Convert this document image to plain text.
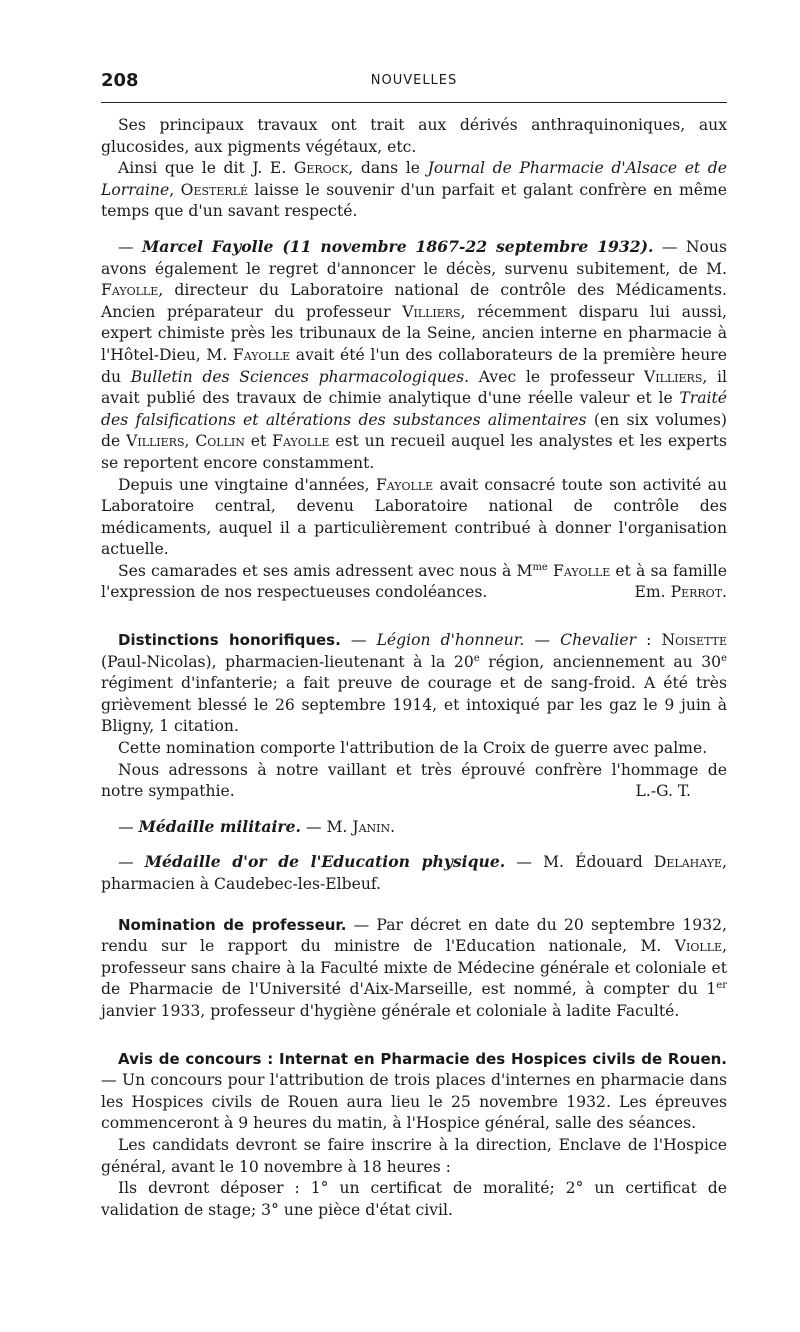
208	NOUVELLES

Ses principaux travaux ont trait aux dérivés anthraquinoniques, aux glucosides, aux pigments végétaux, etc.

Ainsi que le dit J. E. Gerock, dans le Journal de Pharmacie d'Alsace et de Lorraine, Oesterlé laisse le souvenir d'un parfait et galant confrère en même temps que d'un savant respecté.

— Marcel Fayolle (11 novembre 1867-22 septembre 1932). — Nous avons également le regret d'annoncer le décès, survenu subitement, de M. Fayolle, directeur du Laboratoire national de contrôle des Médicaments. Ancien préparateur du professeur Villiers, récemment disparu lui aussi, expert chimiste près les tribunaux de la Seine, ancien interne en pharmacie à l'Hôtel-Dieu, M. Fayolle avait été l'un des collaborateurs de la première heure du Bulletin des Sciences pharmacologiques. Avec le professeur Villiers, il avait publié des travaux de chimie analytique d'une réelle valeur et le Traité des falsifications et altérations des substances alimentaires (en six volumes) de Villiers, Collin et Fayolle est un recueil auquel les analystes et les experts se reportent encore constamment.

Depuis une vingtaine d'années, Fayolle avait consacré toute son activité au Laboratoire central, devenu Laboratoire national de contrôle des médicaments, auquel il a particulièrement contribué à donner l'organisation actuelle.

Ses camarades et ses amis adressent avec nous à $M^{me}$ Fayolle et à sa famille l'expression de nos respectueuses condoléances.	Em. Perrot.

Distinctions honorifiques. — Légion d'honneur. — Chevalier : Noisette (Paul-Nicolas), pharmacien-lieutenant à la 20e région, anciennement au 30e régiment d'infanterie; a fait preuve de courage et de sang-froid. A été très grièvement blessé le 26 septembre 1914, et intoxiqué par les gaz le 9 juin à Bligny, 1 citation.

Cette nomination comporte l'attribution de la Croix de guerre avec palme.

Nous adressons à notre vaillant et très éprouvé confrère l'hommage de notre sympathie.	L.-G. T.

— Médaille militaire. — M. Janin.

— Médaille d'or de l'Education physique. — M. Édouard Delahaye, pharmacien à Caudebec-les-Elbeuf.

Nomination de professeur. — Par décret en date du 20 septembre 1932, rendu sur le rapport du ministre de l'Education nationale, M. Violle, professeur sans chaire à la Faculté mixte de Médecine générale et coloniale et de Pharmacie de l'Université d'Aix-Marseille, est nommé, à compter du 1er janvier 1933, professeur d'hygiène générale et coloniale à ladite Faculté.

Avis de concours : Internat en Pharmacie des Hospices civils de Rouen. — Un concours pour l'attribution de trois places d'internes en pharmacie dans les Hospices civils de Rouen aura lieu le 25 novembre 1932. Les épreuves commenceront à 9 heures du matin, à l'Hospice général, salle des séances.

Les candidats devront se faire inscrire à la direction, Enclave de l'Hospice général, avant le 10 novembre à 18 heures :

Ils devront déposer : 1° un certificat de moralité; 2° un certificat de validation de stage; 3° une pièce d'état civil.
